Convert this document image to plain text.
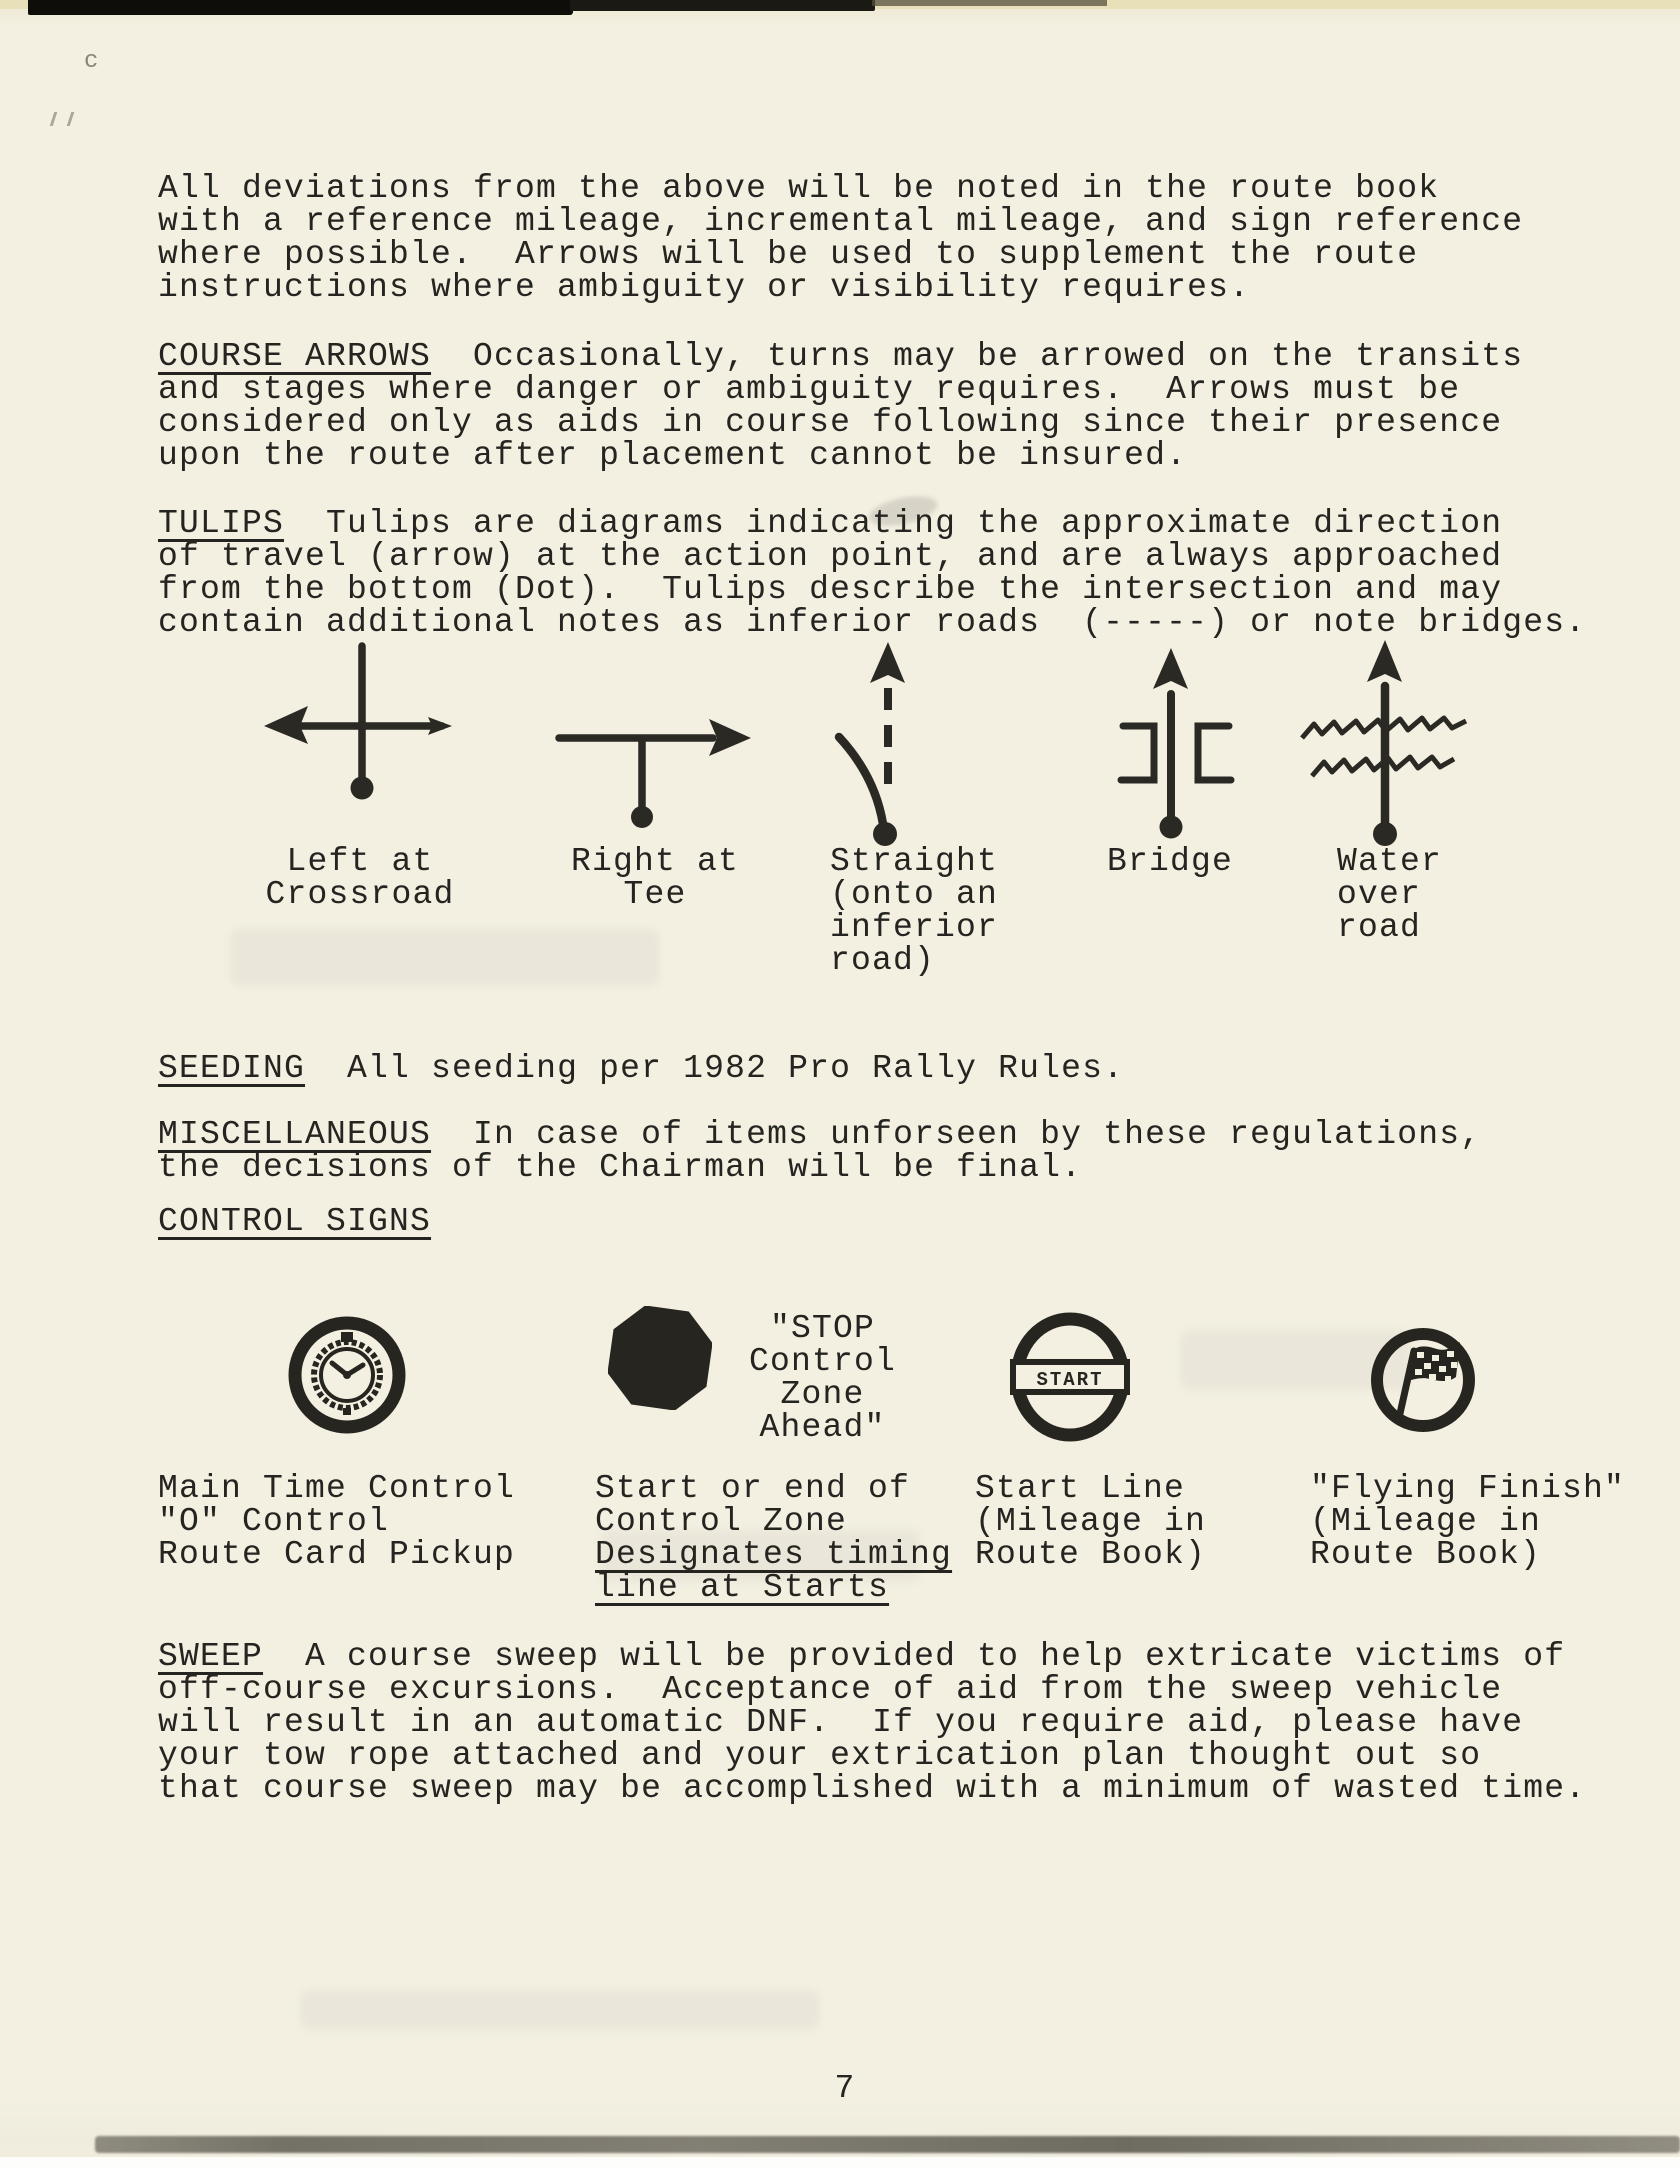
c
All deviations from the above will be noted in the route book
with a reference mileage, incremental mileage, and sign reference
where possible.  Arrows will be used to supplement the route
instructions where ambiguity or visibility requires.
COURSE ARROWS  Occasionally, turns may be arrowed on the transits
and stages where danger or ambiguity requires.  Arrows must be
considered only as aids in course following since their presence
upon the route after placement cannot be insured.
TULIPS  Tulips are diagrams indicating the approximate direction
of travel (arrow) at the action point, and are always approached
from the bottom (Dot).  Tulips describe the intersection and may
contain additional notes as inferior roads  (-----) or note bridges.
Left at
Crossroad
Right at
Tee
Straight
(onto an
inferior
road)
Bridge	Water
over
road
SEEDING  All seeding per 1982 Pro Rally Rules.
MISCELLANEOUS  In case of items unforseen by these regulations,
the decisions of the Chairman will be final.
CONTROL SIGNS
"STOP
Control
Zone
Ahead"
START
Main Time Control
"O" Control
Route Card Pickup
Start or end of
Control Zone
Designates timing
line at Starts
Start Line
(Mileage in
Route Book)
"Flying Finish"
(Mileage in
Route Book)
SWEEP  A course sweep will be provided to help extricate victims of
off-course excursions.  Acceptance of aid from the sweep vehicle
will result in an automatic DNF.  If you require aid, please have
your tow rope attached and your extrication plan thought out so
that course sweep may be accomplished with a minimum of wasted time.
7
